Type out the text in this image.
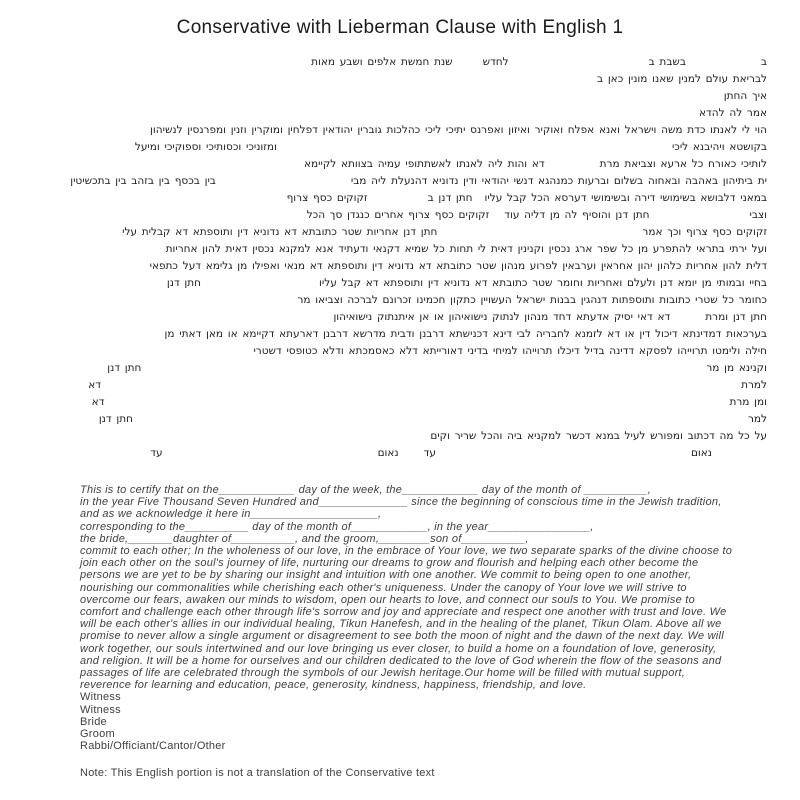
Conservative with Lieberman Clause with English 1
בבשבת בלחדששנת חמשת אלפים ושבע מאות
לבריאת עולם למנין שאנו מונין כאן ב
איך החתן
אמר לה להדא
הוי לי לאנתו כדת משה וישראל ואנא אפלח ואוקיר ואיזון ואפרנס יתיכי ליכי כהלכות גוברין יהודאין דפלחין ומוקרין וזנין ומפרנסין לנשיהון
בקושטא ויהיבנא ליכיומזוניכי וכסותיכי וספוקיכי ומיעל
לותיכי כאורח כל ארעא וצביאת מרתדא והות ליה לאנתו לאשתתופי עמיה בצוותא לקיימא
ית ביתיהון באהבה ובאחוה בשלום וברעות כמנהגא דנשי יהודאי ודין נדוניא דהנעלת ליה מביבין בכסף בין בזהב בין בתכשיטין
במאני דלבושא בשימושי דירה ובשימושי דערסא הכל קבל עליוחתן דנן בזקוקים כסף צרוף
וצביחתן דנן והוסיף לה מן דליה עודזקוקים כסף צרוף אחרים כנגדן סך הכל
זקוקים כסף צרוף וכך אמרחתן דנן אחריות שטר כתובתא דא נדוניא דין ותוספתא דא קבלית עלי
ועל ירתי בתראי להתפרע מן כל שפר ארג נכסין וקנינין דאית לי תחות כל שמיא דקנאי ודעתיד אנא למקנא נכסין דאית להון אחריות
דלית להון אחריות כלהון יהון אחראין וערבאין לפרוע מנהון שטר כתובתא דא נדוניא דין ותוספתא דא מנאי ואפילו מן גלימא דעל כתפאי
בחיי ובמותי מן יומא דנן ולעלם ואחריות וחומר שטר כתובתא דא נדוניא דין ותוספתא דא קבל עליוחתן דנן
כחומר כל שטרי כתובות ותוספתות דנהגין בבנות ישראל העשויין כתקון חכמינו זכרונם לברכה וצביאו מר
חתן דנן ומרתדא דאי יסיק אדעתא דחד מנהון לנתוק נישואיהון או אן איתנתוק נישואיהון
בערכאות דמדינתא דיכול דין או דא לזמנא לחבריה לבי דינא דכנישתא דרבנן ודבית מדרשא דרבנן דארעתא דקיימא או מאן דאתי מן
חילה ולימטו תרוייהו לפסקא דדינה בדיל דיכלו תרוייהו למיחי בדיני דאורייתא דלא כאסמכתא ודלא כטופסי דשטרי
וקנינא מן מרחתן דנן
למרתדא
ומן מרתדא
למרחתן דנן
על כל מה דכתוב ומפורש לעיל במנא דכשר למקניא ביה והכל שריר וקים
נאוםעדנאוםעד
This is to certify that on the____________ day of the week, the____________ day of the month of __________,
in the year Five Thousand Seven Hundred and______________ since the beginning of conscious time in the Jewish tradition,
and as we acknowledge it here in____________________,
corresponding to the__________ day of the month of____________, in the year________________,
the bride,_______daughter of__________, and the groom,________son of__________,

commit to each other; In the wholeness of our love, in the embrace of Your love, we two separate sparks of the divine choose to join each other on the soul's journey of life, nurturing our dreams to grow and flourish and helping each other become the persons we are yet to be by sharing our insight and intuition with one another. We commit to being open to one another, nourishing our commonalities while cherishing each other's uniqueness. Under the canopy of Your love we will strive to overcome our fears, awaken our minds to wisdom, open our hearts to love, and connect our souls to You. We promise to comfort and challenge each other through life's sorrow and joy and appreciate and respect one another with trust and love. We will be each other's allies in our individual healing, Tikun Hanefesh, and in the healing of the planet, Tikun Olam. Above all we promise to never allow a single argument or disagreement to see both the moon of night and the dawn of the next day. We will work together, our souls intertwined and our love bringing us ever closer, to build a home on a foundation of love, generosity, and religion. It will be a home for ourselves and our children dedicated to the love of God wherein the flow of the seasons and passages of life are celebrated through the symbols of our Jewish heritage.Our home will be filled with mutual support, reverence for learning and education, peace, generosity, kindness, happiness, friendship, and love.

Witness
Witness
Bride
Groom
Rabbi/Officiant/Cantor/Other
Note: This English portion is not a translation of the Conservative text
